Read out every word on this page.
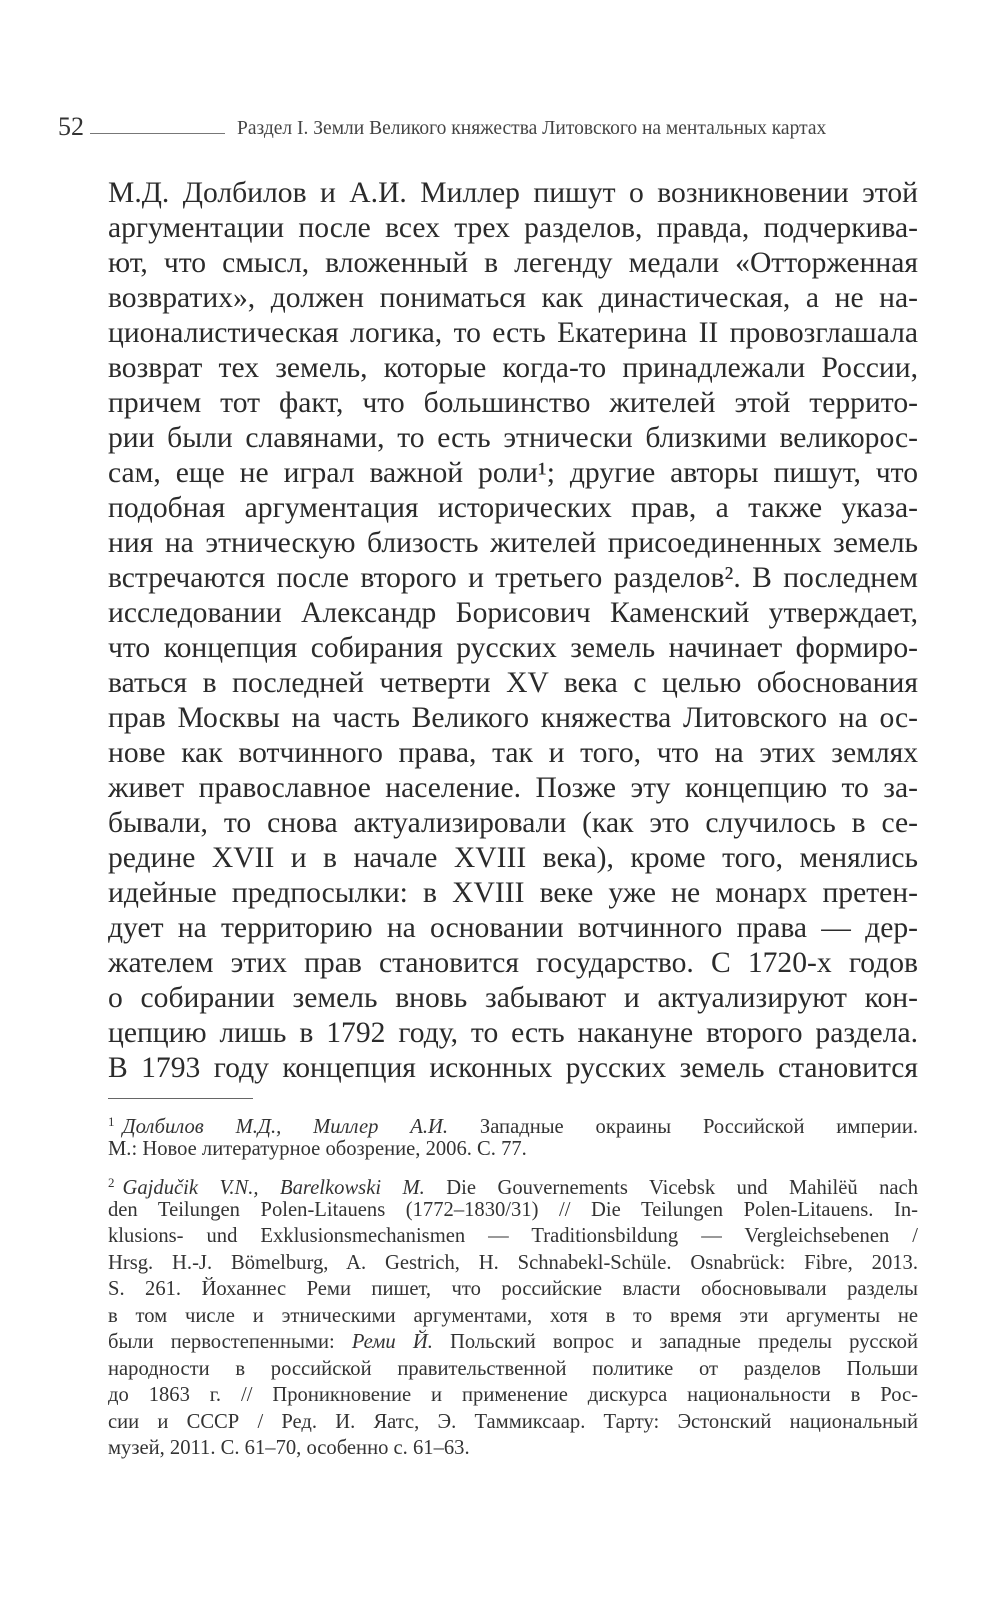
52	Раздел I. Земли Великого княжества Литовского на ментальных картах
М.Д. Долбилов и А.И. Миллер пишут о возникновении этой
аргументации после всех трех разделов, правда, подчеркива-
ют, что смысл, вложенный в легенду медали «Отторженная
возвратих», должен пониматься как династическая, а не на-
ционалистическая логика, то есть Екатерина II провозглашала
возврат тех земель, которые когда-то принадлежали России,
причем тот факт, что большинство жителей этой террито-
рии были славянами, то есть этнически близкими великорос-
сам, еще не играл важной роли¹; другие авторы пишут, что
подобная аргументация исторических прав, а также указа-
ния на этническую близость жителей присоединенных земель
встречаются после второго и третьего разделов². В последнем
исследовании Александр Борисович Каменский утверждает,
что концепция собирания русских земель начинает формиро-
ваться в последней четверти XV века с целью обоснования
прав Москвы на часть Великого княжества Литовского на ос-
нове как вотчинного права, так и того, что на этих землях
живет православное население. Позже эту концепцию то за-
бывали, то снова актуализировали (как это случилось в се-
редине XVII и в начале XVIII века), кроме того, менялись
идейные предпосылки: в XVIII веке уже не монарх претен-
дует на территорию на основании вотчинного права — дер-
жателем этих прав становится государство. С 1720-х годов
о собирании земель вновь забывают и актуализируют кон-
цепцию лишь в 1792 году, то есть накануне второго раздела.
В 1793 году концепция исконных русских земель становится
$^1$ Долбилов М.Д., Миллер А.И. Западные окраины Российской империи.
М.: Новое литературное обозрение, 2006. С. 77.
$^2$ Gajdučik V.N., Barelkowski M. Die Gouvernements Vicebsk und Mahilëŭ nach
den Teilungen Polen-Litauens (1772–1830/31) // Die Teilungen Polen-Litauens. In-
klusions- und Exklusionsmechanismen — Traditionsbildung — Vergleichsebenen /
Hrsg. H.-J. Bömelburg, A. Gestrich, H. Schnabekl-Schüle. Osnabrück: Fibre, 2013.
S. 261. Йоханнес Реми пишет, что российские власти обосновывали разделы
в том числе и этническими аргументами, хотя в то время эти аргументы не
были первостепенными: Реми Й. Польский вопрос и западные пределы русской
народности в российской правительственной политике от разделов Польши
до 1863 г. // Проникновение и применение дискурса национальности в Рос-
сии и СССР / Ред. И. Яатс, Э. Таммиксаар. Тарту: Эстонский национальный
музей, 2011. С. 61–70, особенно с. 61–63.
